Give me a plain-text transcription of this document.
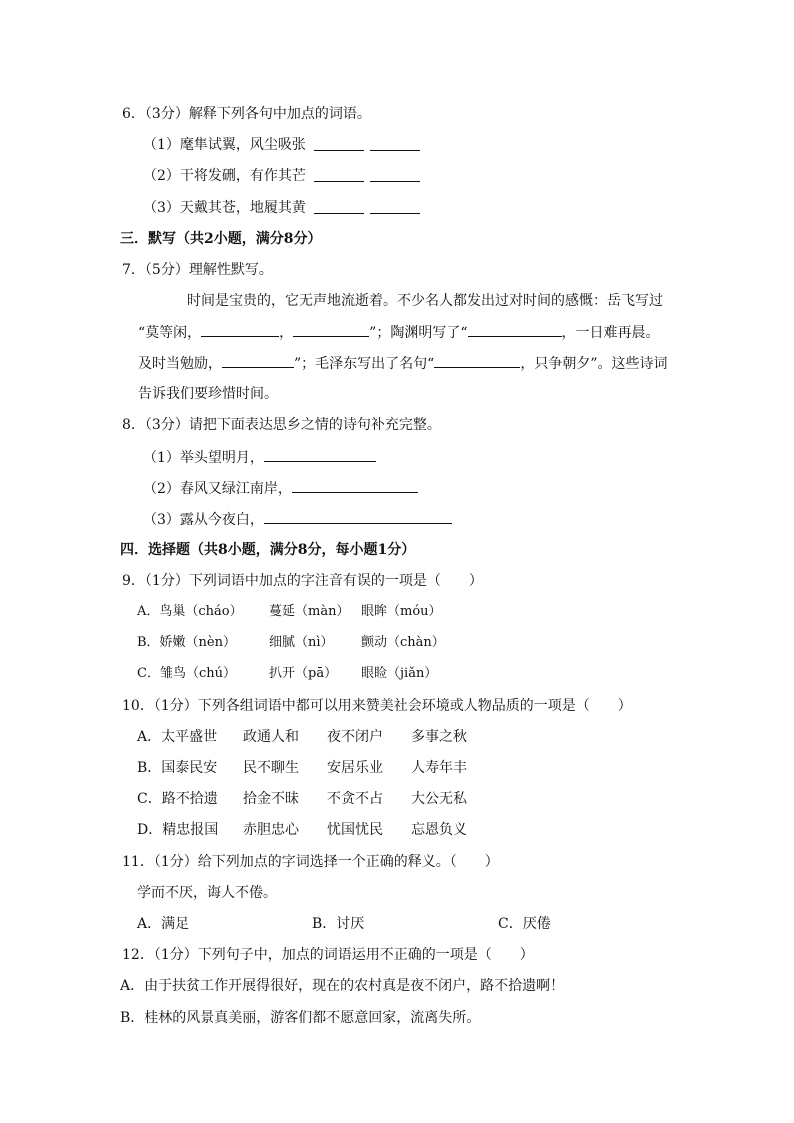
6．（3分）解释下列各句中加点的词语。
（1）麾隼试翼，风尘吸张
（2）干将发硎，有作其芒
（3）天戴其苍，地履其黄
三．默写（共2小题，满分8分）
7．（5分）理解性默写。
时间是宝贵的，它无声地流逝着。不少名人都发出过对时间的感慨：岳飞写过
“莫等闲，	，	”；陶渊明写了“	，一日难再晨。
及时当勉励，	”；毛泽东写出了名句“	，只争朝夕”。这些诗词
告诉我们要珍惜时间。
8．（3分）请把下面表达思乡之情的诗句补充完整。
（1）举头望明月，
（2）春风又绿江南岸，
（3）露从今夜白，
四．选择题（共8小题，满分8分，每小题1分）
9．（1分）下列词语中加点的字注音有误的一项是（　　）
A．鸟巢（cháo） 蔓延（màn） 眼眸（móu）
B．娇嫩（nèn）	细腻（nì） 颤动（chàn）
C．雏鸟（chú）	扒开（pā） 眼睑（jiǎn）
10．（1分）下列各组词语中都可以用来赞美社会环境或人物品质的一项是（　　）
A．太平盛世 政通人和 夜不闭户 多事之秋
B．国泰民安 民不聊生 安居乐业 人寿年丰
C．路不拾遗 拾金不昧 不贪不占 大公无私
D．精忠报国 赤胆忠心 忧国忧民 忘恩负义
11．（1分）给下列加点的字词选择一个正确的释义。（　　）
学而不厌，诲人不倦。
A．满足	B．讨厌	C．厌倦
12．（1分）下列句子中，加点的词语运用不正确的一项是（　　）
A．由于扶贫工作开展得很好，现在的农村真是夜不闭户，路不拾遗啊！
B．桂林的风景真美丽，游客们都不愿意回家，流离失所。
